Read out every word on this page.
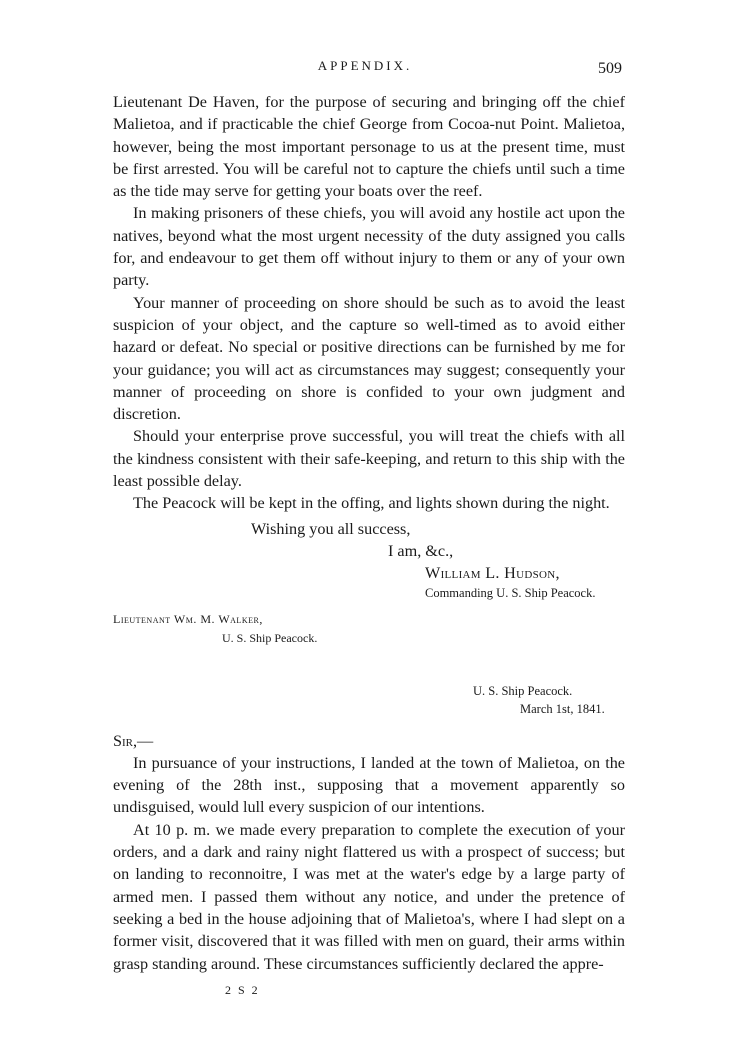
APPENDIX.	509

Lieutenant De Haven, for the purpose of securing and bringing off the chief Malietoa, and if practicable the chief George from Cocoa-nut Point. Malietoa, however, being the most important personage to us at the present time, must be first arrested. You will be careful not to capture the chiefs until such a time as the tide may serve for getting your boats over the reef.

In making prisoners of these chiefs, you will avoid any hostile act upon the natives, beyond what the most urgent necessity of the duty assigned you calls for, and endeavour to get them off without injury to them or any of your own party.

Your manner of proceeding on shore should be such as to avoid the least suspicion of your object, and the capture so well-timed as to avoid either hazard or defeat. No special or positive directions can be furnished by me for your guidance; you will act as circumstances may suggest; consequently your manner of proceeding on shore is confided to your own judgment and discretion.

Should your enterprise prove successful, you will treat the chiefs with all the kindness consistent with their safe-keeping, and return to this ship with the least possible delay.

The Peacock will be kept in the offing, and lights shown during the night.

Wishing you all success,

I am, &c.,

William L. Hudson,

Commanding U. S. Ship Peacock.

Lieutenant Wm. M. Walker,
U. S. Ship Peacock.
U. S. Ship Peacock.
March 1st, 1841.

Sir,—

In pursuance of your instructions, I landed at the town of Malietoa, on the evening of the 28th inst., supposing that a movement apparently so undisguised, would lull every suspicion of our intentions.

At 10 p. m. we made every preparation to complete the execution of your orders, and a dark and rainy night flattered us with a prospect of success; but on landing to reconnoitre, I was met at the water's edge by a large party of armed men. I passed them without any notice, and under the pretence of seeking a bed in the house adjoining that of Malietoa's, where I had slept on a former visit, discovered that it was filled with men on guard, their arms within grasp standing around. These circumstances sufficiently declared the appre-

2 S 2
